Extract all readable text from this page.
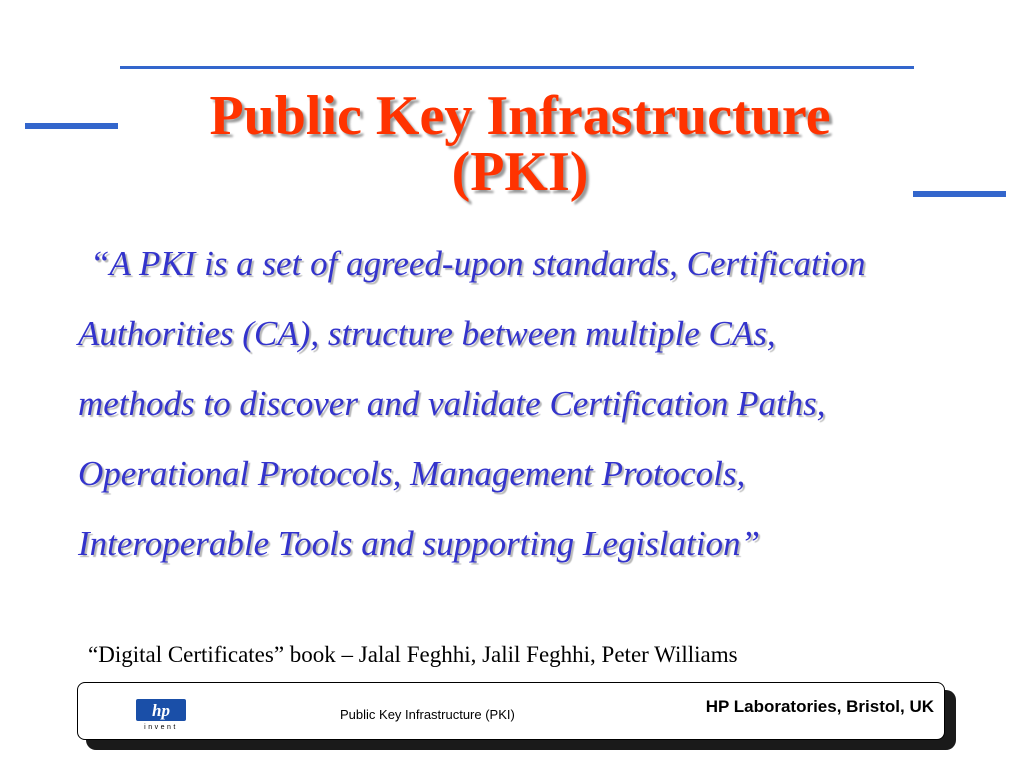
Public Key Infrastructure
(PKI)
“A PKI is a set of agreed-upon standards, Certification
Authorities (CA), structure between multiple CAs,
methods to discover and validate Certification Paths,
Operational Protocols, Management Protocols,
Interoperable Tools and supporting Legislation”
“Digital Certificates” book – Jalal Feghhi, Jalil Feghhi, Peter Williams
hp
invent
Public Key Infrastructure (PKI)	HP Laboratories, Bristol, UK
